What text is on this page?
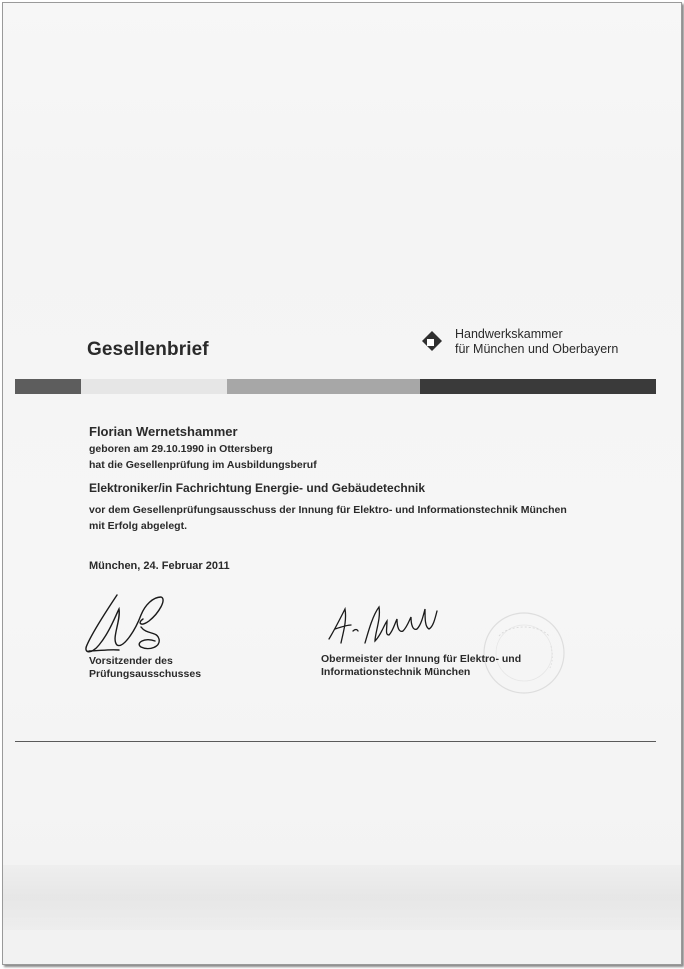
Gesellenbrief
Handwerkskammer
für München und Oberbayern
Florian Wernetshammer
geboren am 29.10.1990 in Ottersberg
hat die Gesellenprüfung im Ausbildungsberuf
Elektroniker/in Fachrichtung Energie- und Gebäudetechnik
vor dem Gesellenprüfungsausschuss der Innung für Elektro- und Informationstechnik München
mit Erfolg abgelegt.
München, 24. Februar 2011
Vorsitzender des
Prüfungsausschusses
Obermeister der Innung für Elektro- und
Informationstechnik München
